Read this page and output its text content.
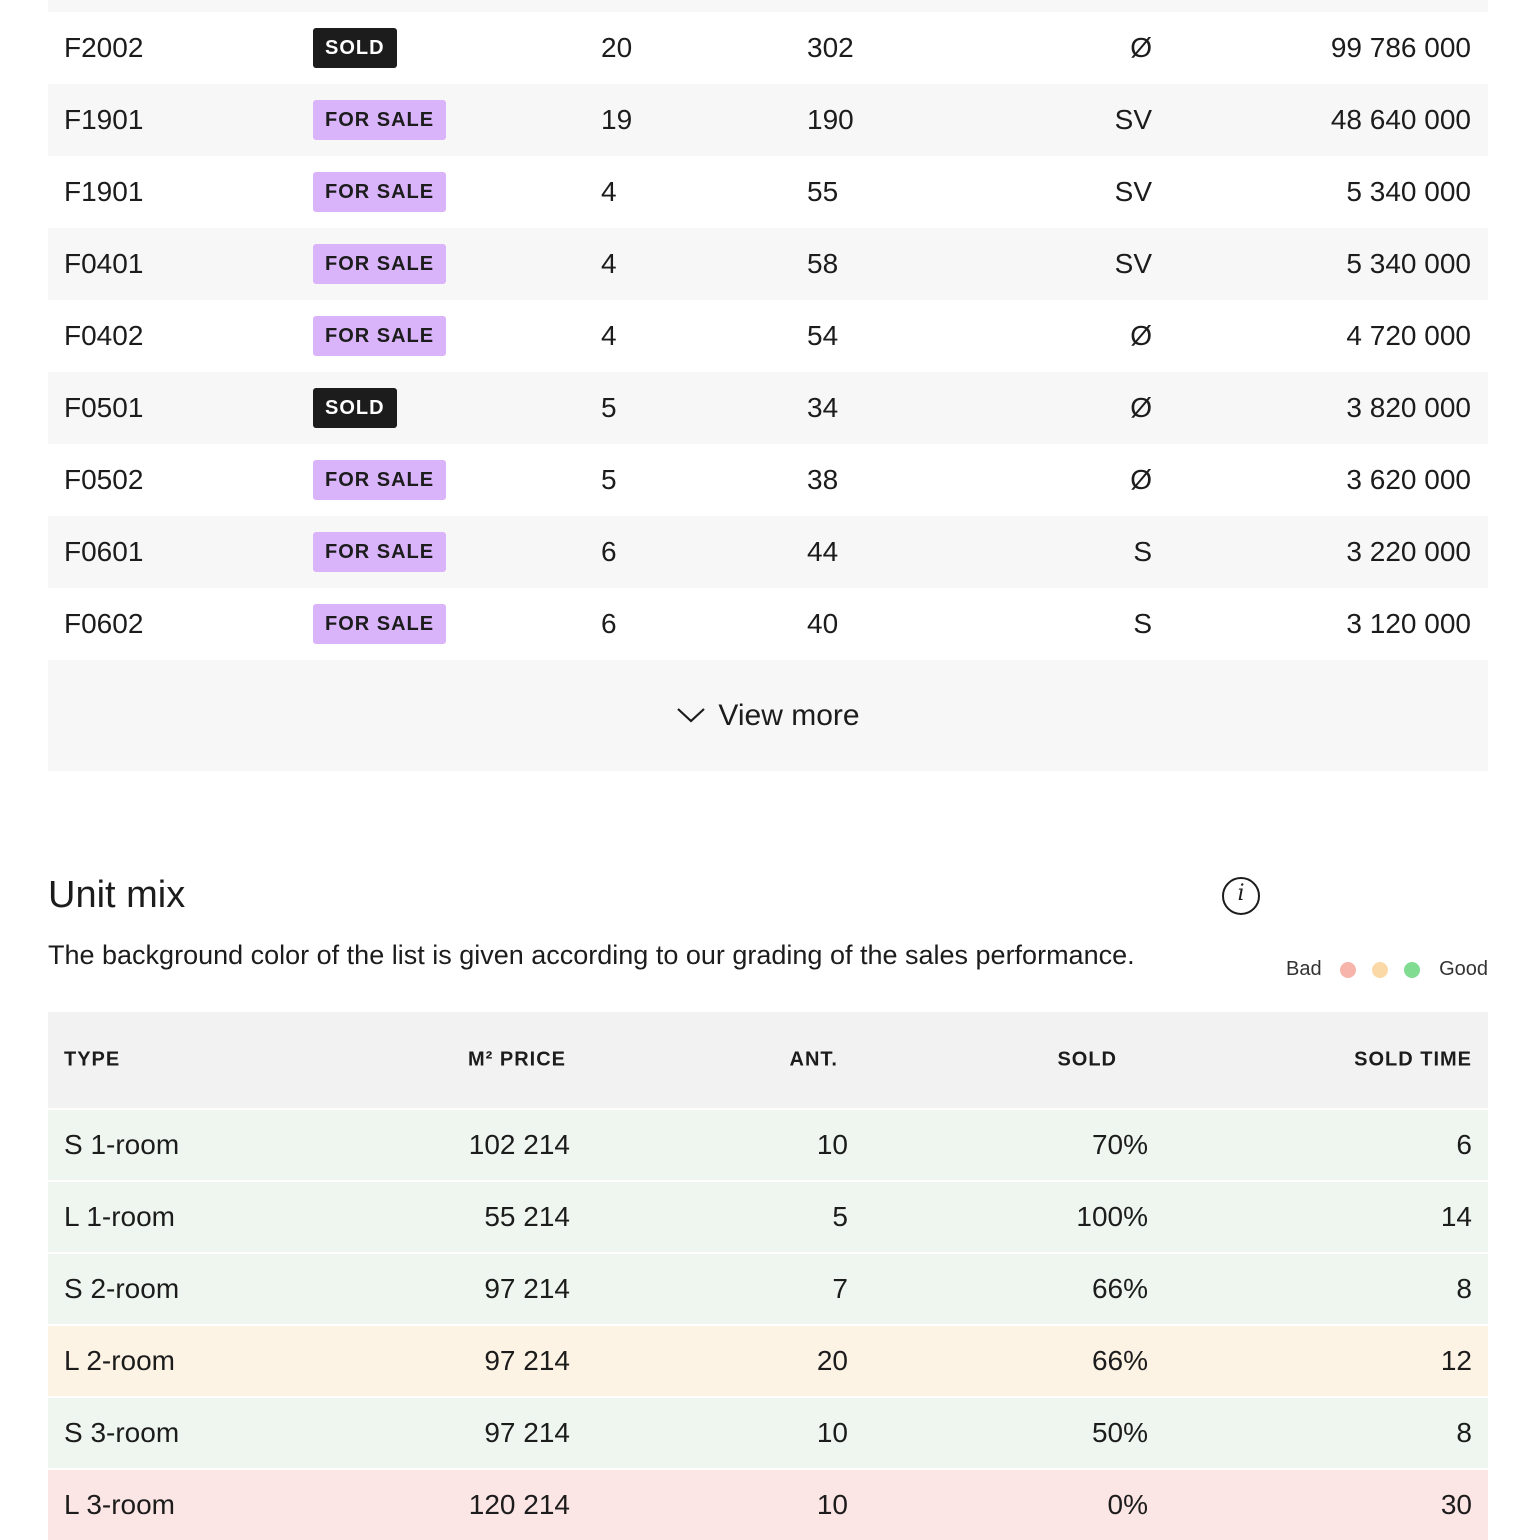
F2002	SOLD	20	302	Ø	99 786 000
F1901	FOR SALE	19	190	SV	48 640 000
F1901	FOR SALE	4	55	SV	5 340 000
F0401	FOR SALE	4	58	SV	5 340 000
F0402	FOR SALE	4	54	Ø	4 720 000
F0501	SOLD	5	34	Ø	3 820 000
F0502	FOR SALE	5	38	Ø	3 620 000
F0601	FOR SALE	6	44	S	3 220 000
F0602	FOR SALE	6	40	S	3 120 000
View more
Unit mix	i

The background color of the list is given according to our grading of the sales performance.	Bad	Good
TYPE	M² PRICE	ANT.	SOLD	SOLD TIME
S 1-room	102 214	10	70%	6
L 1-room	55 214	5	100%	14
S 2-room	97 214	7	66%	8
L 2-room	97 214	20	66%	12
S 3-room	97 214	10	50%	8
L 3-room	120 214	10	0%	30
